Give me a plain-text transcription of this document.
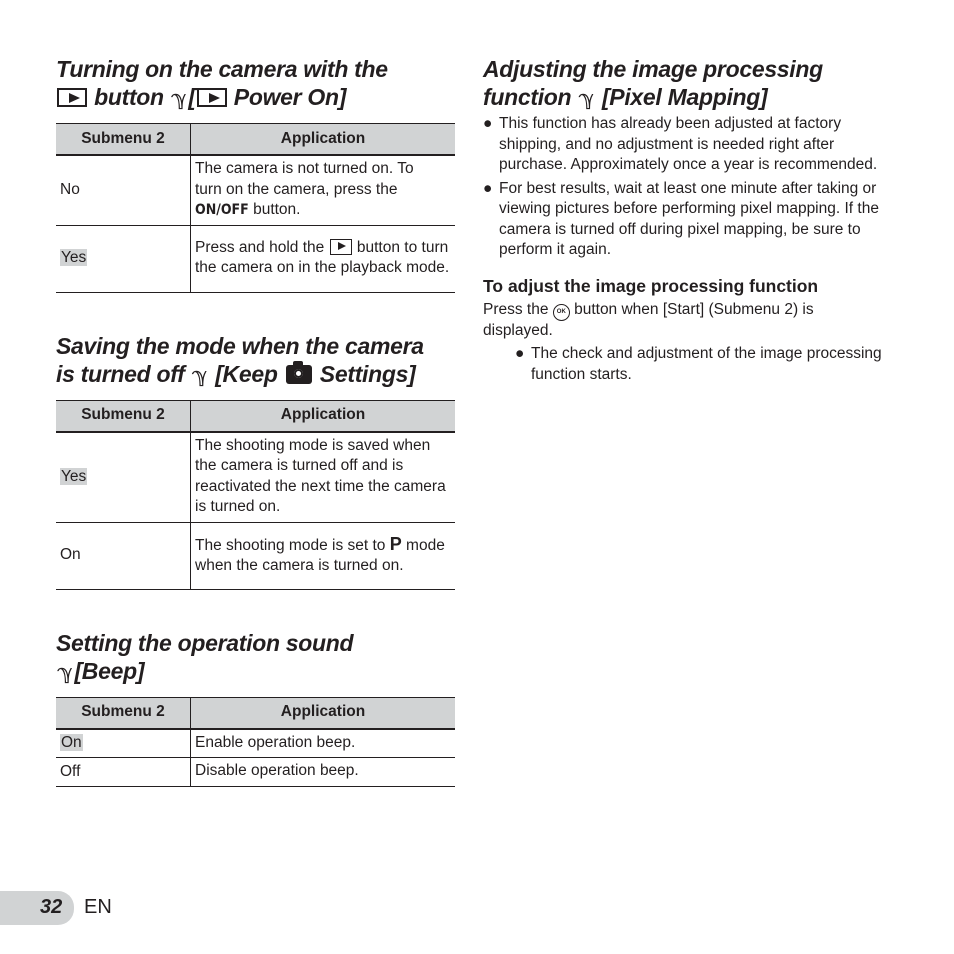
Turning on the camera with the
button ℽ[ Power On]
Submenu 2	Application
No	The camera is not turned on. To
turn on the camera, press the
ON/OFF button.
Yes	Press and hold the  button to turn the camera on in the playback mode.
Saving the mode when the camera
is turned off ℽ [Keep Settings]
Submenu 2	Application
Yes	The shooting mode is saved when the camera is turned off and is reactivated the next time the camera is turned on.
On	The shooting mode is set to P mode when the camera is turned on.
Setting the operation sound
ℽ[Beep]
Submenu 2	Application
On	Enable operation beep.
Off	Disable operation beep.
Adjusting the image processing
function ℽ [Pixel Mapping]
● This function has already been adjusted at factory shipping, and no adjustment is needed right after purchase. Approximately once a year is recommended.
● For best results, wait at least one minute after taking or viewing pictures before performing pixel mapping. If the camera is turned off during pixel mapping, be sure to perform it again.
To adjust the image processing function

Press the OK button when [Start] (Submenu 2) is displayed.

● The check and adjustment of the image processing function starts.
32 EN
